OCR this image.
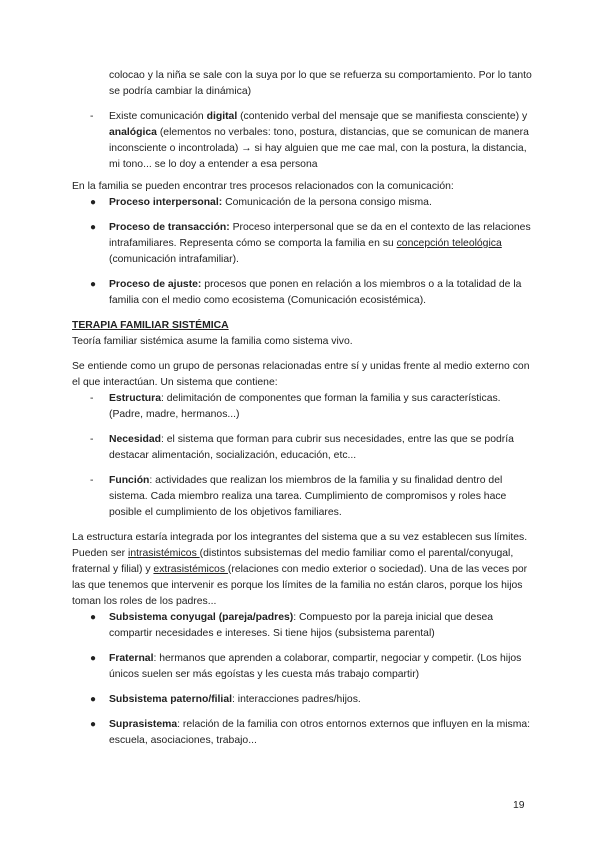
colocao y la niña se sale con la suya por lo que se refuerza su comportamiento. Por lo tanto se podría cambiar la dinámica)

- Existe comunicación digital (contenido verbal del mensaje que se manifiesta consciente) y analógica (elementos no verbales: tono, postura, distancias, que se comunican de manera inconsciente o incontrolada) → si hay alguien que me cae mal, con la postura, la distancia, mi tono... se lo doy a entender a esa persona

En la familia se pueden encontrar tres procesos relacionados con la comunicación:

● Proceso interpersonal: Comunicación de la persona consigo misma.
● Proceso de transacción: Proceso interpersonal que se da en el contexto de las relaciones intrafamiliares. Representa cómo se comporta la familia en su concepción teleológica (comunicación intrafamiliar).
● Proceso de ajuste: procesos que ponen en relación a los miembros o a la totalidad de la familia con el medio como ecosistema (Comunicación ecosistémica).

TERAPIA FAMILIAR SISTÉMICA

Teoría familiar sistémica asume la familia como sistema vivo.

Se entiende como un grupo de personas relacionadas entre sí y unidas frente al medio externo con el que interactúan. Un sistema que contiene:

- Estructura: delimitación de componentes que forman la familia y sus características. (Padre, madre, hermanos...)
- Necesidad: el sistema que forman para cubrir sus necesidades, entre las que se podría destacar alimentación, socialización, educación, etc...
- Función: actividades que realizan los miembros de la familia y su finalidad dentro del sistema. Cada miembro realiza una tarea. Cumplimiento de compromisos y roles hace posible el cumplimiento de los objetivos familiares.

La estructura estaría integrada por los integrantes del sistema que a su vez establecen sus límites. Pueden ser intrasistémicos (distintos subsistemas del medio familiar como el parental/conyugal, fraternal y filial) y extrasistémicos (relaciones con medio exterior o sociedad). Una de las veces por las que tenemos que intervenir es porque los límites de la familia no están claros, porque los hijos toman los roles de los padres...

● Subsistema conyugal (pareja/padres): Compuesto por la pareja inicial que desea compartir necesidades e intereses. Si tiene hijos (subsistema parental)
● Fraternal: hermanos que aprenden a colaborar, compartir, negociar y competir. (Los hijos únicos suelen ser más egoístas y les cuesta más trabajo compartir)
● Subsistema paterno/filial: interacciones padres/hijos.
● Suprasistema: relación de la familia con otros entornos externos que influyen en la misma: escuela, asociaciones, trabajo...
19
